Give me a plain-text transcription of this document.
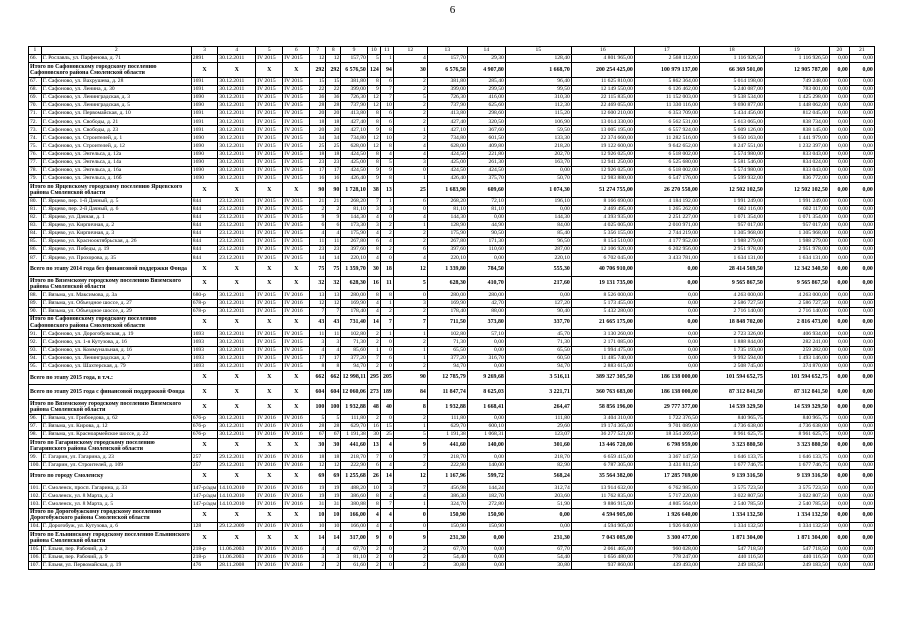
6
1	2	3	4	5	6	7	8	9	10	11	12	13	14	15	16	17	18	19	20	21
66.	Г. Рославль, ул. Парфенова, д. 71	2891	30.12.2011	IV 2015	IV 2015	12	12	157,70	5	1	4	157,70	29,30	128,40	4 801 965,00	2 568 112,00	1 116 926,50	1 116 926,50	0,00	0,00
Итого по Сафоновскому городскому поселению Сафоновского района Смоленской области		X	X	X	X	292	292	6 576,50	124	94	30	6 576,50	4 907,80	1 668,70	200 254 425,00	100 979 137,00	66 369 501,00	12 905 787,00	0,00	0,00
67.	Г. Сафоново, ул. Вахрушева, д. 28	1691	30.12.2011	IV 2015	IV 2015	15	15	381,80	8	6	2	381,80	285,40	96,40	11 625 810,00	5 862 364,00	5 014 198,00	749 248,00	0,00	0,00
68.	Г. Сафоново, ул. Ленина, д. 30	1691	30.12.2011	IV 2015	IV 2015	22	22	399,00	9	7	2	399,00	299,50	99,50	12 149 550,00	6 126 462,00	5 240 087,00	783 001,00	0,00	0,00
69.	Г. Сафоново, ул. Ленинградская, д. 3	1690	30.12.2011	IV 2015	IV 2015	36	36	726,30	12	7	5	726,30	416,00	310,30	22 115 835,00	11 152 003,00	9 538 534,00	1 425 298,00	0,00	0,00
70.	Г. Сафоново, ул. Ленинградская, д. 5	1690	30.12.2011	IV 2015	IV 2015	28	28	737,90	12	10	2	737,90	625,60	112,30	22 469 055,00	11 330 116,00	9 690 877,00	1 448 062,00	0,00	0,00
71.	Г. Сафоново, ул. Первомайская, д. 10	1691	30.12.2011	IV 2015	IV 2015	20	20	413,80	8	6	2	413,80	298,60	115,20	12 600 210,00	6 353 709,00	5 434 456,00	812 045,00	0,00	0,00
72.	Г. Сафоново, ул. Свободы, д. 21	1691	30.12.2011	IV 2015	IV 2015	18	18	427,40	8	6	2	427,40	320,50	106,90	13 014 330,00	6 562 531,00	5 613 065,00	838 734,00	0,00	0,00
73.	Г. Сафоново, ул. Свободы, д. 23	1691	30.12.2011	IV 2015	IV 2015	20	20	427,10	9	8	1	427,10	367,60	59,50	13 005 195,00	6 557 924,00	5 609 126,00	838 145,00	0,00	0,00
74.	Г. Сафоново, ул. Строителей, д. 1	1690	30.12.2011	IV 2015	IV 2015	34	34	734,80	12	10	2	734,80	601,50	133,30	22 374 660,00	11 282 516,00	9 650 163,00	1 441 979,00	0,00	0,00
75.	Г. Сафоново, ул. Строителей, д. 12	1690	30.12.2011	IV 2015	IV 2015	25	25	628,00	12	8	4	628,00	409,80	218,20	19 122 600,00	9 642 652,00	8 247 551,00	1 232 397,00	0,00	0,00
76.	Г. Сафоново, ул. Энгельса, д. 12а	1690	30.12.2011	IV 2015	IV 2015	18	18	424,50	8	4	4	424,50	221,80	202,70	12 926 025,00	6 518 002,00	5 574 980,00	833 043,00	0,00	0,00
77.	Г. Сафоново, ул. Энгельса, д. 14а	1690	30.12.2011	IV 2015	IV 2015	23	23	425,00	8	5	3	425,00	261,30	163,70	12 941 250,00	6 525 680,00	5 581 546,00	834 024,00	0,00	0,00
78.	Г. Сафоново, ул. Энгельса, д. 16а	1690	30.12.2011	IV 2015	IV 2015	17	17	424,50	9	9	0	424,50	424,50	0,00	12 926 025,00	6 518 002,00	5 574 980,00	833 043,00	0,00	0,00
79.	Г. Сафоново, ул. Энгельса, д. 16б	1690	30.12.2011	IV 2015	IV 2015	16	16	426,40	9	8	1	426,40	375,70	50,70	12 983 880,00	6 547 176,00	5 599 932,00	836 772,00	0,00	0,00
Итого по Ярцевскому городскому поселению Ярцевского района Смоленской области		X	X	X	X	90	90	1 728,10	38	13	25	1 683,90	609,60	1 074,30	51 274 755,00	26 270 558,00	12 502 102,50	12 502 102,50	0,00	0,00
80.	Г. Ярцево, пер. 1-й Дачный, д. 5	844	23.12.2011	IV 2015	IV 2015	21	21	268,20	7	1	6	268,20	72,10	196,10	8 166 690,00	4 184 192,00	1 991 249,00	1 991 249,00	0,00	0,00
81.	Г. Ярцево, пер. 2-й Дачный, д. 6	844	23.12.2011	IV 2015	IV 2015	2	2	81,10	3	3	0	81,10	81,10	0,00	2 469 495,00	1 265 262,00	602 116,00	602 117,00	0,00	0,00
82.	Г. Ярцево, ул. Дачная, д. 1	844	23.12.2011	IV 2015	IV 2015	9	9	144,30	4	0	4	144,30	0,00	144,30	4 393 935,00	2 251 227,00	1 071 354,00	1 071 354,00	0,00	0,00
83.	Г. Ярцево, ул. Кирпичная, д. 2	844	23.12.2011	IV 2015	IV 2015	6	6	173,30	3	2	1	128,90	44,90	84,00	4 025 005,00	2 010 971,00	957 017,00	957 017,00	0,00	0,00
84.	Г. Ярцево, ул. Кирпичная, д. 3	844	23.12.2011	IV 2015	IV 2015	4	4	175,90	4	2	2	175,90	90,50	85,40	5 356 155,00	2 744 219,00	1 305 968,00	1 305 968,00	0,00	0,00
85.	Г. Ярцево, ул. Краснооктябрьская, д. 26	844	23.12.2011	IV 2015	IV 2015	11	11	267,80	6	4	2	267,80	171,30	96,50	8 154 510,00	4 177 952,00	1 988 279,00	1 988 279,00	0,00	0,00
86.	Г. Ярцево, ул. Победы, д. 19	844	23.12.2011	IV 2015	IV 2015	23	23	397,60	8	2	6	397,60	110,60	287,00	12 106 920,00	6 202 956,00	2 951 978,00	2 951 978,00	0,00	0,00
87.	Г. Ярцево, ул. Прохорова, д. 35	844	23.12.2011	IV 2015	IV 2015	14	14	220,10	4	0	4	220,10	0,00	220,10	6 702 045,00	3 433 781,00	1 634 131,00	1 634 131,00	0,00	0,00
Всего по этапу 2014 года без финансовой поддержки Фонда		X	X	X	X	75	75	1 359,70	30	18	12	1 339,80	784,50	555,30	40 706 910,00	0,00	28 414 569,50	12 342 340,50	0,00	0,00
Итого по Вяземскому городскому поселению Вяземского района Смоленской области		X	X	X	X	32	32	628,30	16	11	5	628,30	410,70	217,60	19 131 735,00	0,00	9 565 867,50	9 565 867,50	0,00	0,00
88.	Г. Вязьма, ул. Максимова, д. 3а	680-р	30.12.2011	IV 2015	IV 2016	13	13	280,00	8	8	0	280,00	280,00	0,00	8 526 000,00	0,00	4 263 000,00	4 263 000,00	0,00	0,00
89.	Г. Вязьма, ул. Объездное шоссе, д. 27	678-р	30.12.2011	IV 2015	IV 2016	12	12	169,90	4	1	3	169,90	42,70	127,20	5 173 455,00	0,00	2 586 727,50	2 586 727,50	0,00	0,00
90.	Г. Вязьма, ул. Объездное шоссе, д. 29	678-р	30.12.2011	IV 2015	IV 2016	7	7	178,40	4	2	2	178,40	88,00	90,40	5 432 280,00	0,00	2 716 140,00	2 716 140,00	0,00	0,00
Итого по Сафоновскому городскому поселению Сафоновского района Смоленской области		X	X	X	X	43	43	731,40	14	7	7	711,50	373,80	337,70	21 665 175,00	0,00	18 848 702,00	2 816 473,00	0,00	0,00
91.	Г. Сафоново, ул. Дорогобужская, д. 19	1693	30.12.2011	IV 2015	IV 2015	11	11	102,80	2	1	1	102,80	57,10	45,70	3 130 260,00	0,00	2 723 326,00	406 934,00	0,00	0,00
92.	Г. Сафоново, ул. 1-я Кутузова, д. 16	1693	30.12.2011	IV 2015	IV 2015	3	3	71,30	2	0	2	71,30	0,00	71,30	2 171 085,00	0,00	1 888 844,00	282 241,00	0,00	0,00
93.	Г. Сафоново, ул. Коммунальная, д. 16	1693	30.12.2011	IV 2015	IV 2015	4	4	85,60	1	0	1	65,50	0,00	65,50	1 994 475,00	0,00	1 735 193,00	259 282,00	0,00	0,00
94.	Г. Сафоново, ул. Ленинградская, д. 7	1693	30.12.2011	IV 2015	IV 2015	17	17	377,20	7	6	1	377,20	316,70	60,50	11 485 740,00	0,00	9 992 594,00	1 493 146,00	0,00	0,00
95.	Г. Сафоново, ул. Шахтерская, д. 79	1693	30.12.2011	IV 2015	IV 2015	8	8	94,70	2	0	2	94,70	0,00	94,70	2 883 615,00	0,00	2 508 745,00	374 870,00	0,00	0,00
Всего по этапу 2015 года, в т.ч.:		X	X	X	X	662	662	12 998,11	295	205	90	12 785,79	9 269,68	3 516,11	389 327 305,50	186 138 000,00	101 594 652,75	101 594 652,75	0,00	0,00
Всего по этапу 2015 года с финансовой поддержкой Фонда		X	X	X	X	604	604	12 060,06	273	189	84	11 847,74	8 625,03	3 221,71	360 763 683,00	186 138 000,00	87 312 841,50	87 312 841,50	0,00	0,00
Итого по Вяземскому городскому поселению Вяземского района Смоленской области		X	X	X	X	100	100	1 932,88	48	40	8	1 932,88	1 668,41	264,47	58 856 196,00	29 777 377,00	14 539 329,50	14 539 329,50	0,00	0,00
96.	Г. Вязьма, ул. Грибоедова, д. 62	676-р	30.12.2011	IV 2016	IV 2016	5	5	111,80	2	0	2	111,80	0,00	111,80	3 404 310,00	1 722 376,50	840 965,75	840 965,75	0,00	0,00
97.	Г. Вязьма, ул. Кирова, д. 12	676-р	30.12.2011	IV 2016	IV 2016	28	28	629,70	16	15	1	629,70	600,10	29,60	19 174 365,00	9 701 089,00	4 736 638,00	4 736 638,00	0,00	0,00
98.	Г. Вязьма, ул. Красноармейское шоссе, д. 22	676-р	30.12.2011	IV 2016	IV 2016	67	67	1 191,38	30	25	5	1 191,38	1 068,31	123,07	36 277 521,00	18 354 269,50	8 961 625,75	8 961 625,75	0,00	0,00
Итого по Гагаринскому городскому поселению Гагаринского района Смоленской области		X	X	X	X	30	30	441,60	13	4	9	441,60	140,00	301,60	13 446 720,00	6 798 959,00	3 323 880,50	3 323 880,50	0,00	0,00
99.	Г. Гагарин, ул. Гагарина, д. 23	257	29.12.2011	IV 2016	IV 2016	18	18	218,70	7	0	7	218,70	0,00	218,70	6 659 415,00	3 367 147,50	1 646 133,75	1 646 133,75	0,00	0,00
100.	Г. Гагарин, ул. Строителей, д. 109	257	29.12.2011	IV 2016	IV 2016	12	12	222,90	6	4	2	222,90	140,00	82,90	6 787 305,00	3 431 811,50	1 677 746,75	1 677 746,75	0,00	0,00
Итого по городу Смоленску		X	X	X	X	69	69	1 255,68	26	14	12	1 167,96	599,72	568,24	35 564 382,00	17 285 769,00	9 139 316,50	9 139 316,50	0,00	0,00
101.	Г. Смоленск, просп. Гагарина, д. 33	147-р/адм	14.10.2010	IV 2016	IV 2016	19	19	488,20	10	3	7	456,98	144,24	312,74	13 914 632,00	6 762 985,00	3 575 723,50	3 575 723,50	0,00	0,00
102.	Г. Смоленск, ул. 8 Марта, д. 3	147-р/адм	14.10.2010	IV 2016	IV 2016	19	19	386,60	8	4	4	386,30	182,70	203,60	11 762 835,00	5 717 220,00	3 022 807,50	3 022 807,50	0,00	0,00
103.	Г. Смоленск, ул. 8 Марта, д. 5	147-р/адм	14.10.2010	IV 2016	IV 2016	31	31	380,88	8	7	1	324,70	272,80	51,90	9 886 915,00	4 805 564,00	2 540 785,50	2 540 785,50	0,00	0,00
Итого по Дорогобужскому городскому поселению Дорогобужского района Смоленской области		X	X	X	X	10	10	166,00	4	4	0	150,90	150,90	0,00	4 594 905,00	1 926 640,00	1 334 132,50	1 334 132,50	0,00	0,00
104.	Г. Дорогобуж, ул. Кутузова, д. 6	128	29.12.2009	IV 2016	IV 2016	10	10	166,00	4	4	0	150,90	150,90	0,00	4 594 905,00	1 926 640,00	1 334 132,50	1 334 132,50	0,00	0,00
Итого по Ельнинскому городскому поселению Ельнинского района Смоленской области		X	X	X	X	14	14	317,00	9	0	9	231,30	0,00	231,30	7 043 085,00	3 300 477,00	1 871 304,00	1 871 304,00	0,00	0,00
105.	Г. Ельня, пер. Рабочий, д. 2	218-р	11.06.2003	IV 2016	IV 2016	4	4	67,70	2	0	2	67,70	0,00	67,70	2 061 465,00	960 028,00	547 718,50	547 718,50	0,00	0,00
106.	Г. Ельня, пер. Рабочий, д. 9	218-р	11.06.2003	IV 2016	IV 2016	3	3	81,10	2	0	2	54,40	0,00	54,40	1 656 480,00	778 247,00	440 116,50	440 116,50	0,00	0,00
107.	Г. Ельня, ул. Первомайская, д. 19	476	28.11.2008	IV 2016	IV 2016	2	2	61,60	2	0	2	30,80	0,00	30,80	937 860,00	439 493,00	249 183,50	249 183,50	0,00	0,00
